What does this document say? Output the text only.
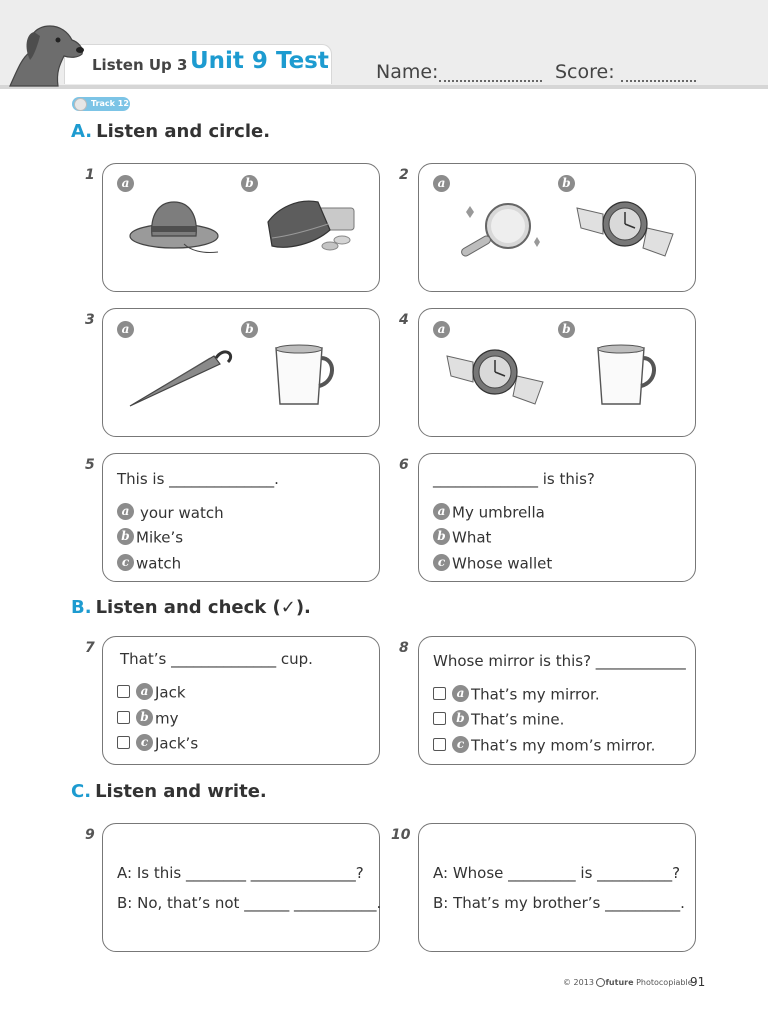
Listen Up 3 Unit 9 Test Name:	Score:
Track 12
A. Listen and circle.
1	a	b	2	a	b
3
a	b
4
a	b
5
This is ______________.
a your watch
b Mike’s
c watch
6
______________ is this?
a My umbrella
b What
c Whose wallet
B. Listen and check (✓).
7
That’s ______________ cup.
a Jack
b my
c Jack’s
8
Whose mirror is this? ____________
a That’s my mirror.
b That’s mine.
c That’s my mom’s mirror.
C. Listen and write.
9
A: Is this ________ ______________?
B: No, that’s not ______ ___________.
10
A: Whose _________ is __________?
B: That’s my brother’s __________.
© 2013 future Photocopiable
91
